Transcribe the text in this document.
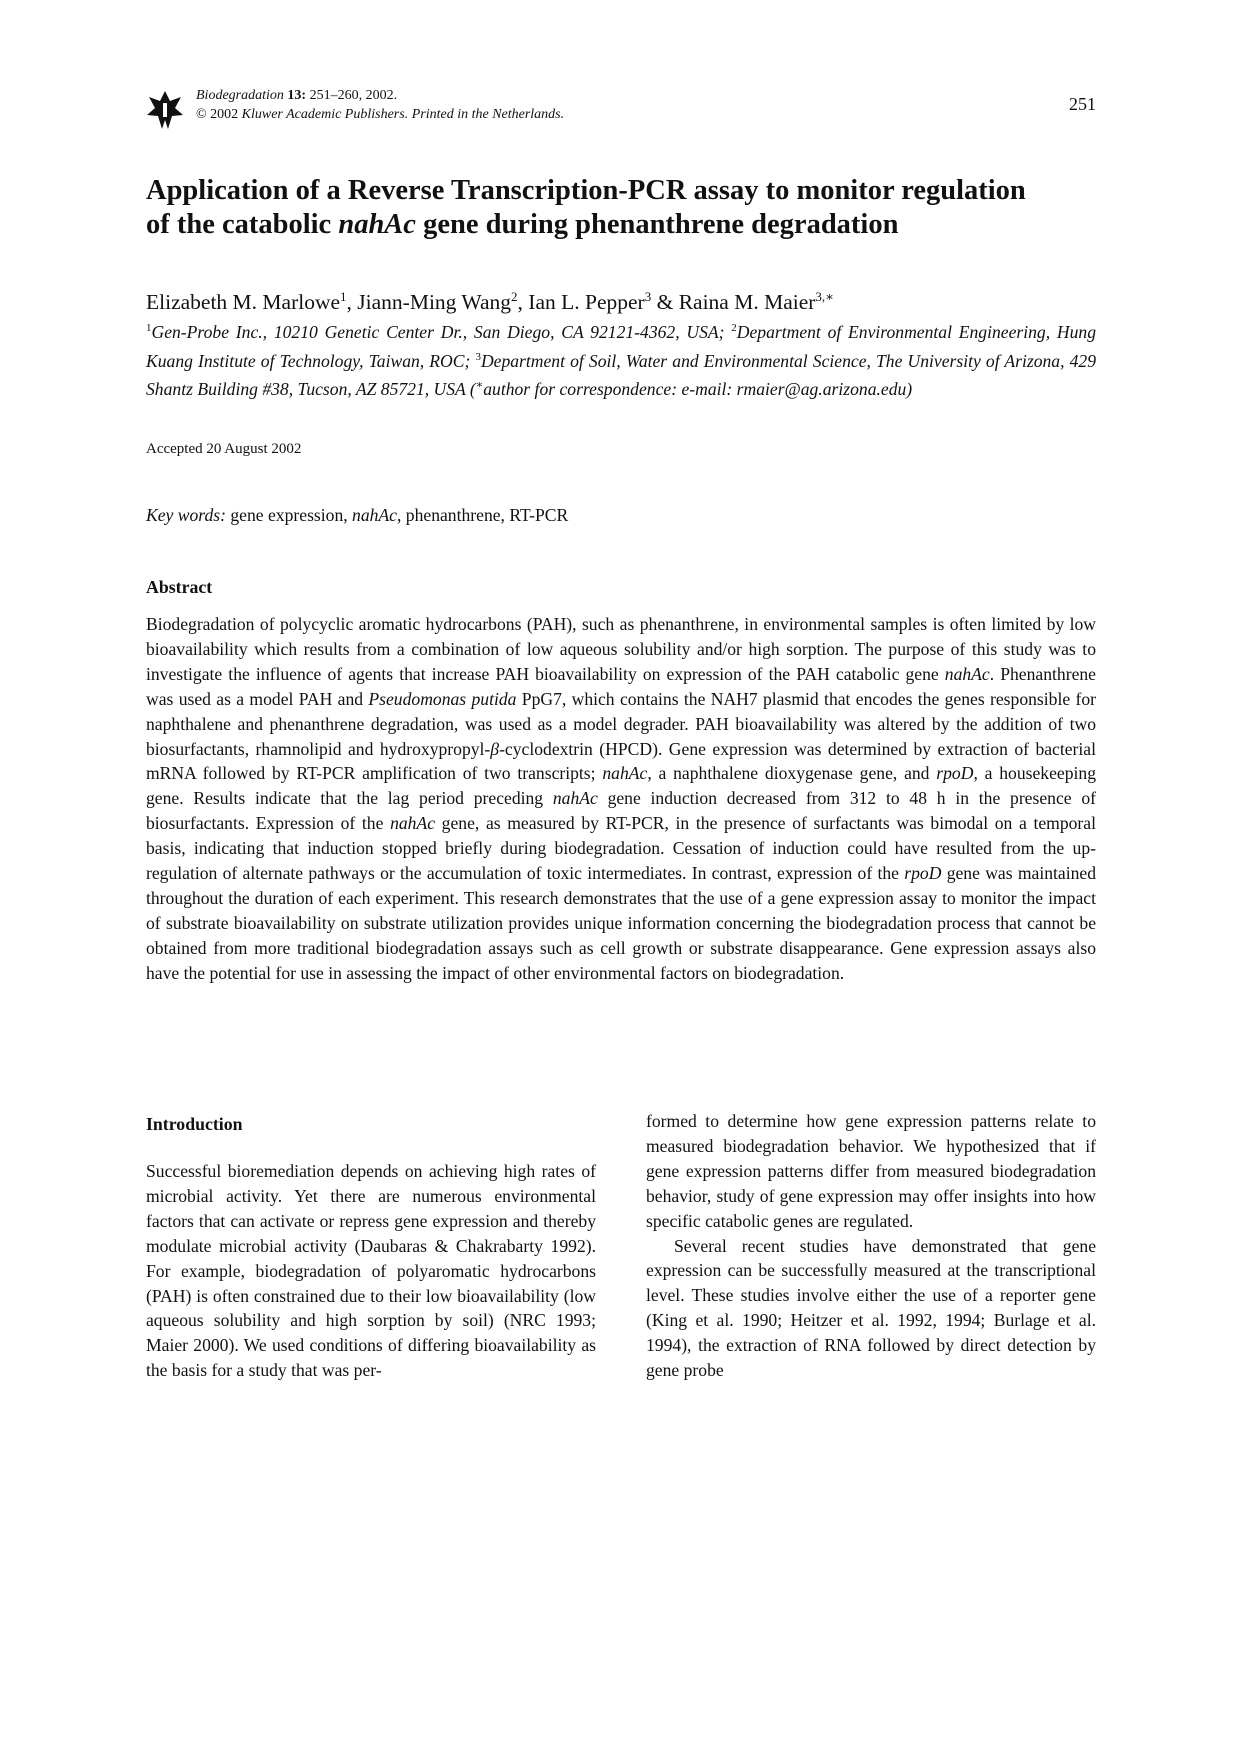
Biodegradation 13: 251–260, 2002.
© 2002 Kluwer Academic Publishers. Printed in the Netherlands.
251
Application of a Reverse Transcription-PCR assay to monitor regulation
of the catabolic nahAc gene during phenanthrene degradation
Elizabeth M. Marlowe$^1$, Jiann-Ming Wang$^2$, Ian L. Pepper$^3$ & Raina M. Maier$^{3,∗}$
$^1$Gen-Probe Inc., 10210 Genetic Center Dr., San Diego, CA 92121-4362, USA; $^2$Department of Environmental Engineering, Hung Kuang Institute of Technology, Taiwan, ROC; $^3$Department of Soil, Water and Environmental Science, The University of Arizona, 429 Shantz Building #38, Tucson, AZ 85721, USA (∗author for correspondence: e-mail: rmaier@ag.arizona.edu)
Accepted 20 August 2002
Key words: gene expression, nahAc, phenanthrene, RT-PCR
Abstract

Biodegradation of polycyclic aromatic hydrocarbons (PAH), such as phenanthrene, in environmental samples is often limited by low bioavailability which results from a combination of low aqueous solubility and/or high sorption. The purpose of this study was to investigate the influence of agents that increase PAH bioavailability on expression of the PAH catabolic gene nahAc. Phenanthrene was used as a model PAH and Pseudomonas putida PpG7, which contains the NAH7 plasmid that encodes the genes responsible for naphthalene and phenanthrene degradation, was used as a model degrader. PAH bioavailability was altered by the addition of two biosurfactants, rhamnolipid and hydroxypropyl-β-cyclodextrin (HPCD). Gene expression was determined by extraction of bacterial mRNA followed by RT-PCR amplification of two transcripts; nahAc, a naphthalene dioxygenase gene, and rpoD, a housekeeping gene. Results indicate that the lag period preceding nahAc gene induction decreased from 312 to 48 h in the presence of biosurfactants. Expression of the nahAc gene, as measured by RT-PCR, in the presence of surfactants was bimodal on a temporal basis, indicating that induction stopped briefly during biodegradation. Cessation of induction could have resulted from the up-regulation of alternate pathways or the accumulation of toxic intermediates. In contrast, expression of the rpoD gene was maintained throughout the duration of each experiment. This research demonstrates that the use of a gene expression assay to monitor the impact of substrate bioavailability on substrate utilization provides unique information concerning the biodegradation process that cannot be obtained from more traditional biodegradation assays such as cell growth or substrate disappearance. Gene expression assays also have the potential for use in assessing the impact of other environmental factors on biodegradation.

Introduction

Successful bioremediation depends on achieving high rates of microbial activity. Yet there are numerous environmental factors that can activate or repress gene expression and thereby modulate microbial activity (Daubaras & Chakrabarty 1992). For example, biodegradation of polyaromatic hydrocarbons (PAH) is often constrained due to their low bioavailability (low aqueous solubility and high sorption by soil) (NRC 1993; Maier 2000). We used conditions of differing bioavailability as the basis for a study that was per-

formed to determine how gene expression patterns relate to measured biodegradation behavior. We hypothesized that if gene expression patterns differ from measured biodegradation behavior, study of gene expression may offer insights into how specific catabolic genes are regulated.

Several recent studies have demonstrated that gene expression can be successfully measured at the transcriptional level. These studies involve either the use of a reporter gene (King et al. 1990; Heitzer et al. 1992, 1994; Burlage et al. 1994), the extraction of RNA followed by direct detection by gene probe
